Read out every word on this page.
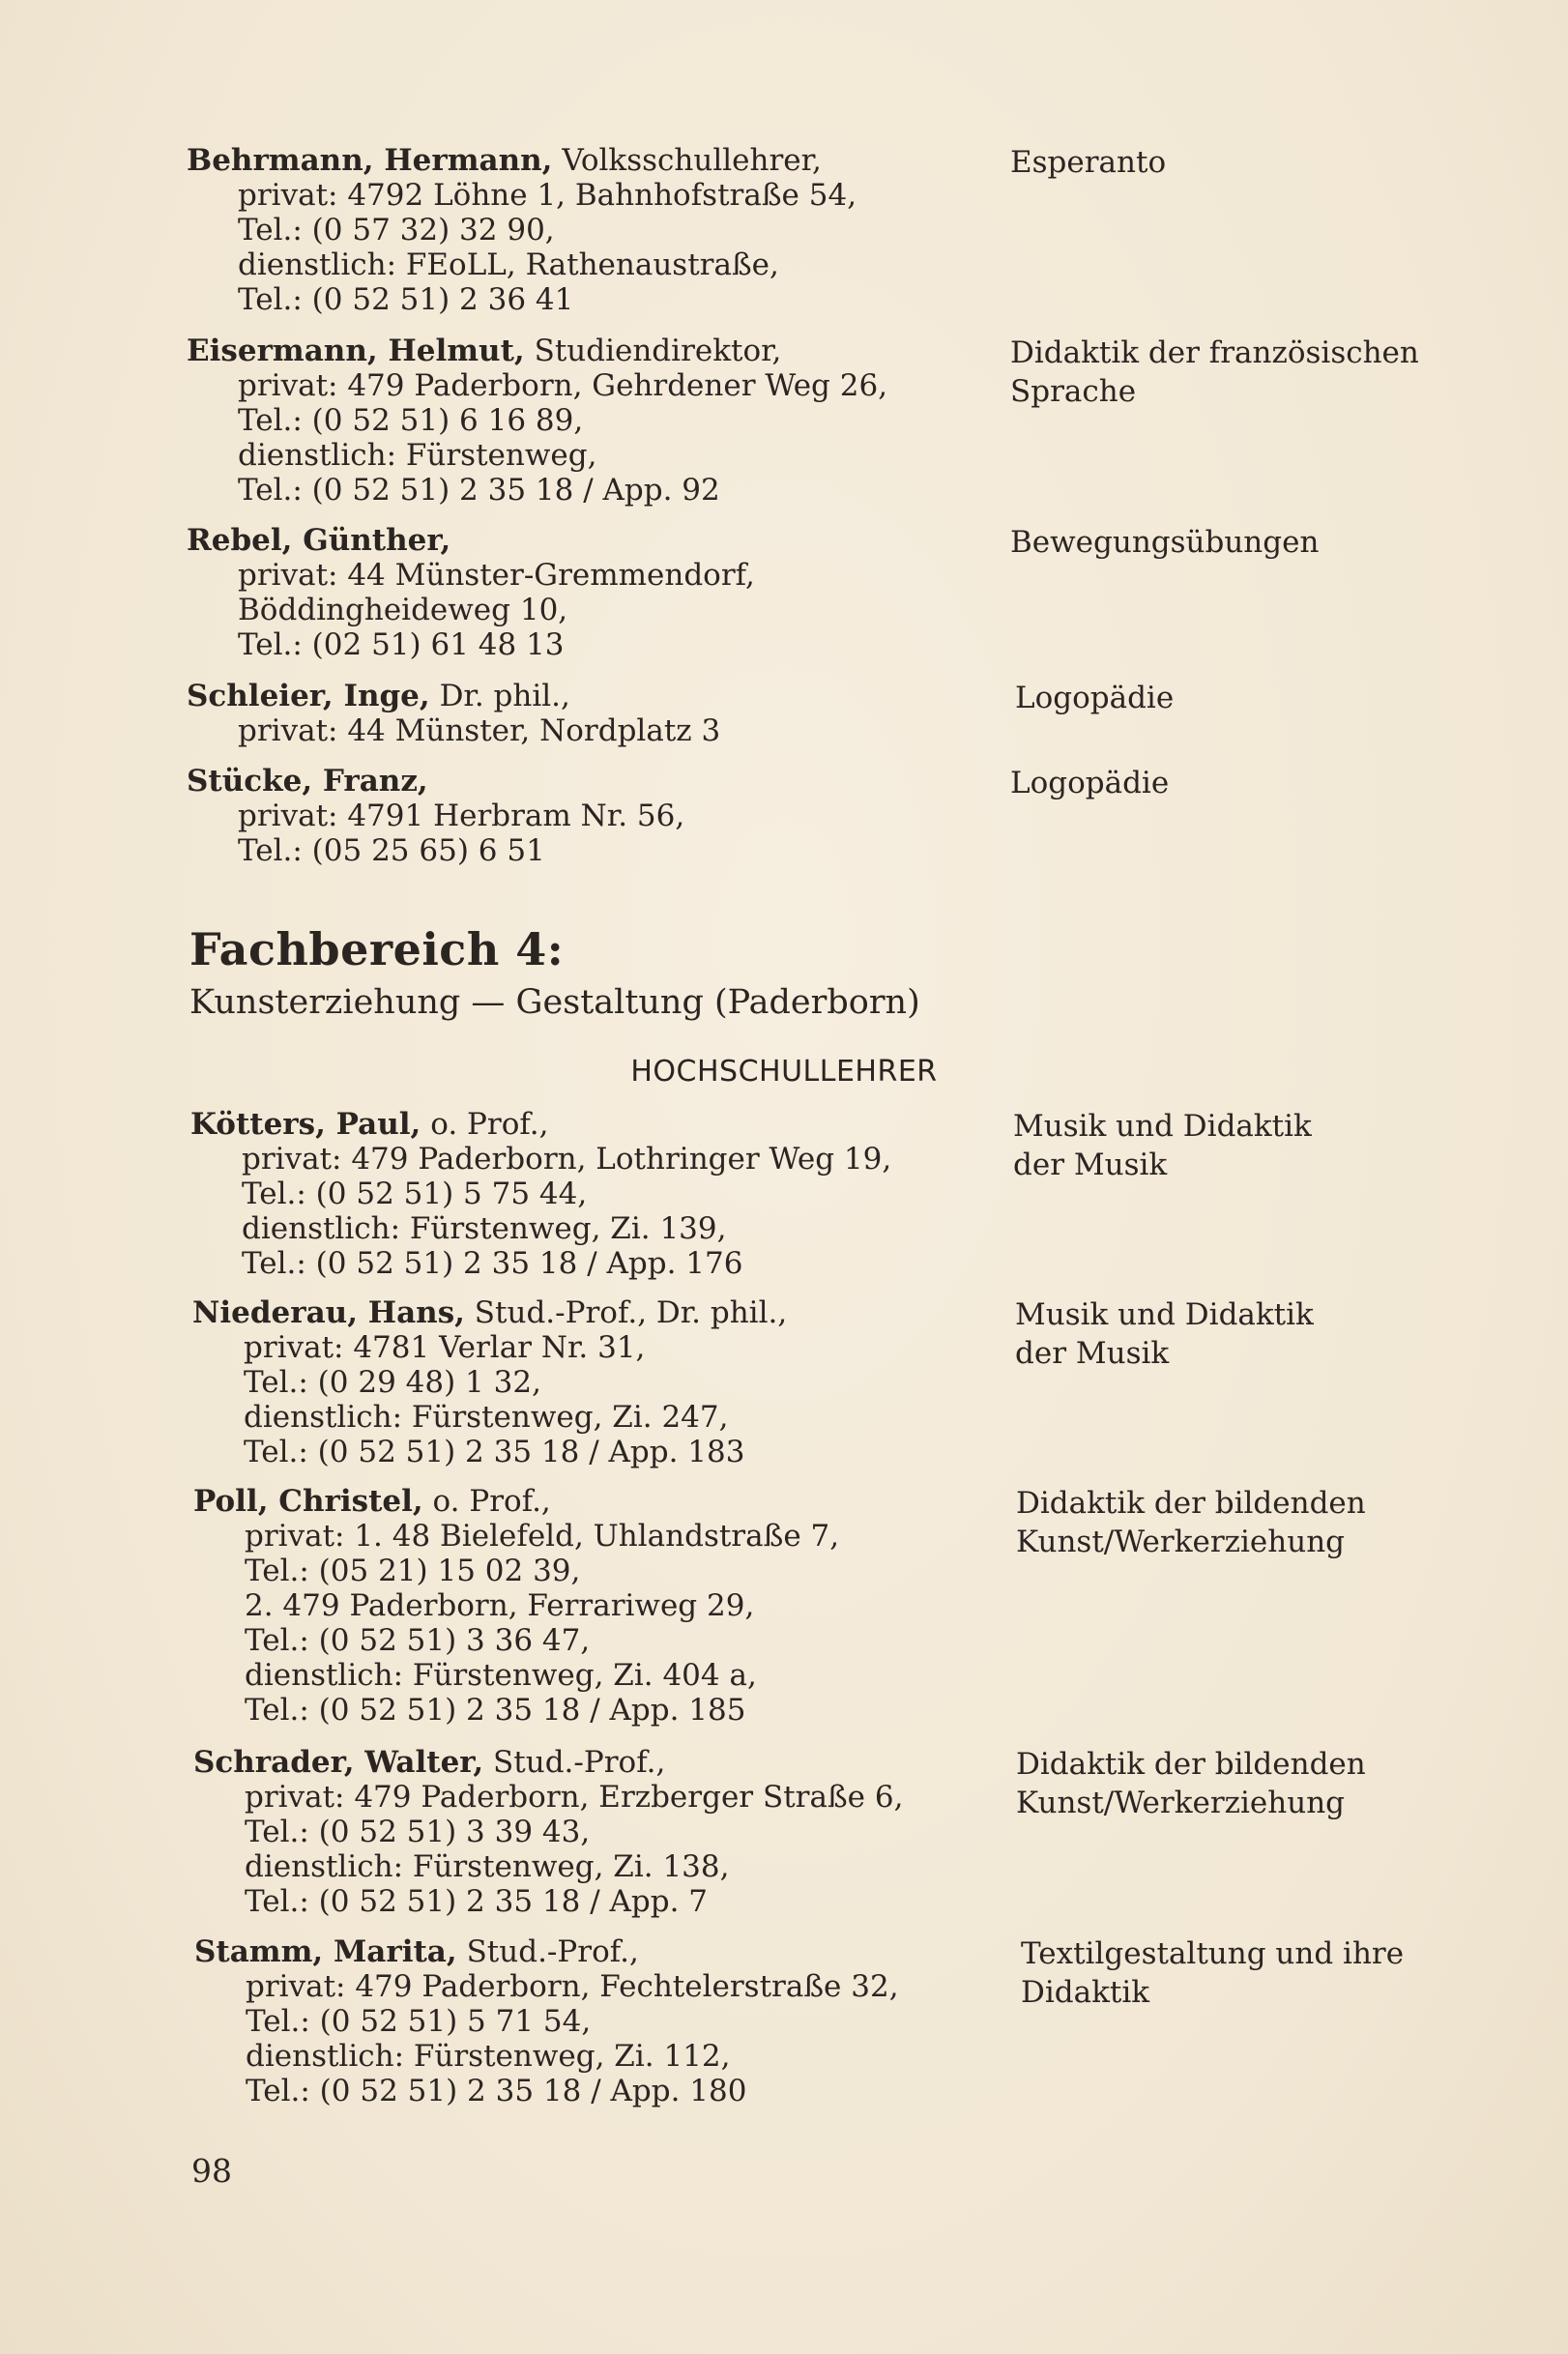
Behrmann, Hermann, Volksschullehrer,
privat: 4792 Löhne 1, Bahnhofstraße 54,
Tel.: (0 57 32) 32 90,
dienstlich: FEoLL, Rathenaustraße,
Tel.: (0 52 51) 2 36 41
Esperanto
Eisermann, Helmut, Studiendirektor,
privat: 479 Paderborn, Gehrdener Weg 26,
Tel.: (0 52 51) 6 16 89,
dienstlich: Fürstenweg,
Tel.: (0 52 51) 2 35 18 / App. 92
Didaktik der französischen
Sprache
Rebel, Günther,
privat: 44 Münster-Gremmendorf,
Böddingheideweg 10,
Tel.: (02 51) 61 48 13
Bewegungsübungen
Schleier, Inge, Dr. phil.,
privat: 44 Münster, Nordplatz 3
Logopädie
Stücke, Franz,
privat: 4791 Herbram Nr. 56,
Tel.: (05 25 65) 6 51
Logopädie
Fachbereich 4:
Kunsterziehung — Gestaltung (Paderborn)
HOCHSCHULLEHRER
Kötters, Paul, o. Prof.,
privat: 479 Paderborn, Lothringer Weg 19,
Tel.: (0 52 51) 5 75 44,
dienstlich: Fürstenweg, Zi. 139,
Tel.: (0 52 51) 2 35 18 / App. 176
Musik und Didaktik
der Musik
Niederau, Hans, Stud.-Prof., Dr. phil.,
privat: 4781 Verlar Nr. 31,
Tel.: (0 29 48) 1 32,
dienstlich: Fürstenweg, Zi. 247,
Tel.: (0 52 51) 2 35 18 / App. 183
Musik und Didaktik
der Musik
Poll, Christel, o. Prof.,
privat: 1. 48 Bielefeld, Uhlandstraße 7,
Tel.: (05 21) 15 02 39,
2. 479 Paderborn, Ferrariweg 29,
Tel.: (0 52 51) 3 36 47,
dienstlich: Fürstenweg, Zi. 404 a,
Tel.: (0 52 51) 2 35 18 / App. 185
Didaktik der bildenden
Kunst/Werkerziehung
Schrader, Walter, Stud.-Prof.,
privat: 479 Paderborn, Erzberger Straße 6,
Tel.: (0 52 51) 3 39 43,
dienstlich: Fürstenweg, Zi. 138,
Tel.: (0 52 51) 2 35 18 / App. 7
Didaktik der bildenden
Kunst/Werkerziehung
Stamm, Marita, Stud.-Prof.,
privat: 479 Paderborn, Fechtelerstraße 32,
Tel.: (0 52 51) 5 71 54,
dienstlich: Fürstenweg, Zi. 112,
Tel.: (0 52 51) 2 35 18 / App. 180
Textilgestaltung und ihre
Didaktik
98
